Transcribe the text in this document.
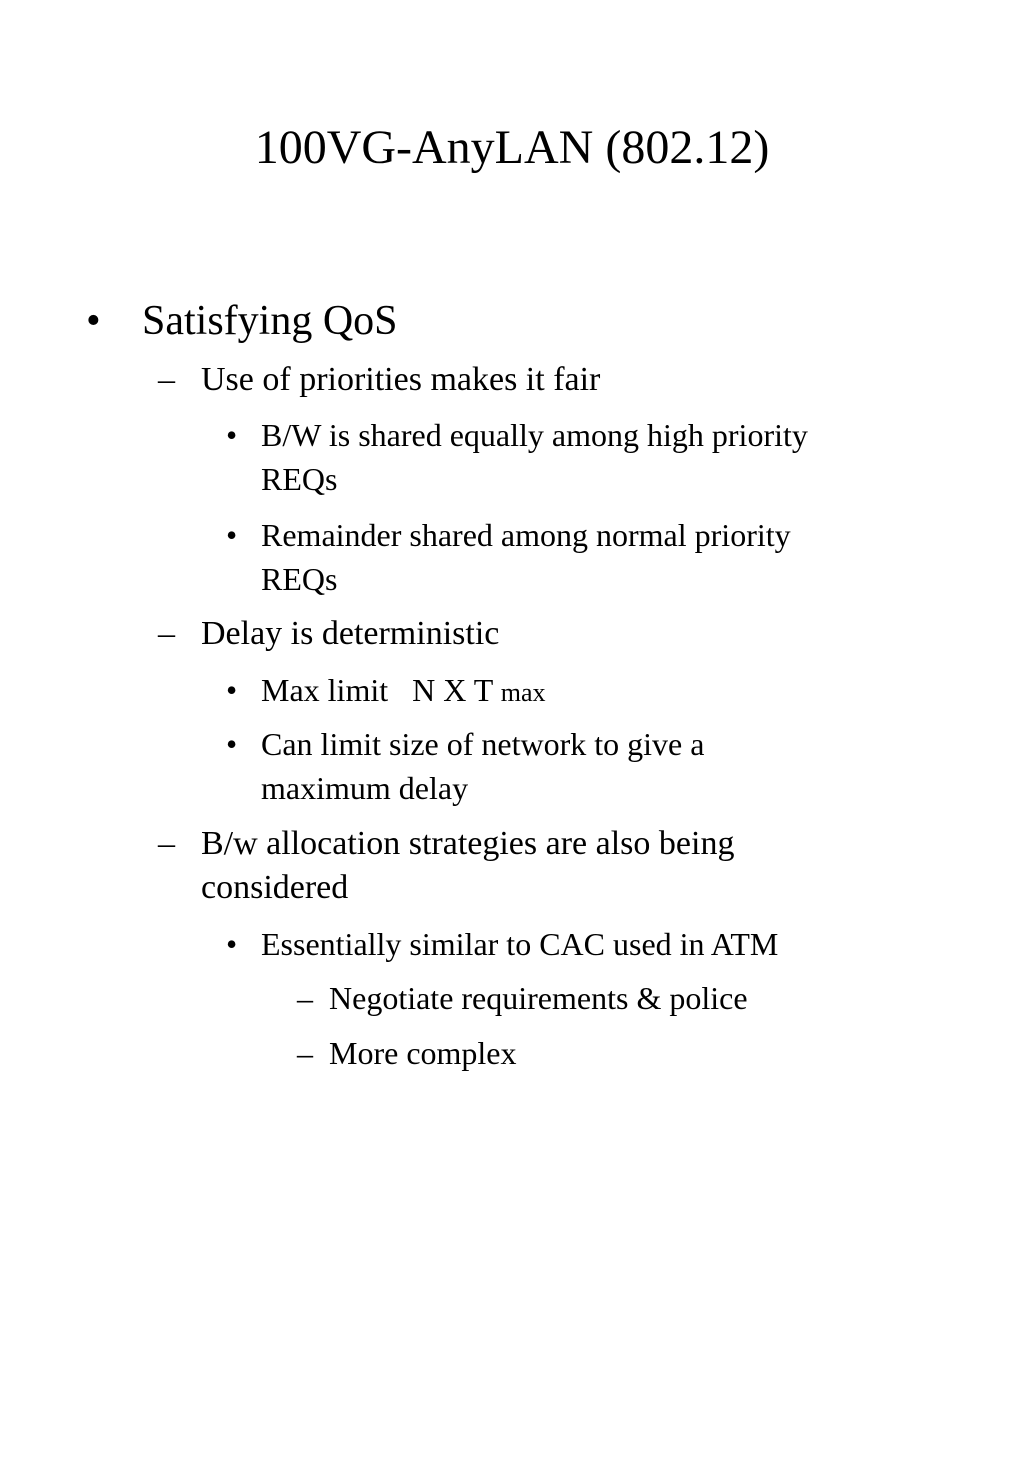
100VG-AnyLAN (802.12)
• Satisfying QoS
– Use of priorities makes it fair
• B/W is shared equally among high priority
REQs
• Remainder shared among normal priority
REQs
– Delay is deterministic
• Max limit   N X T max
• Can limit size of network to give a
maximum delay
– B/w allocation strategies are also being
considered
• Essentially similar to CAC used in ATM
– Negotiate requirements & police
– More complex
